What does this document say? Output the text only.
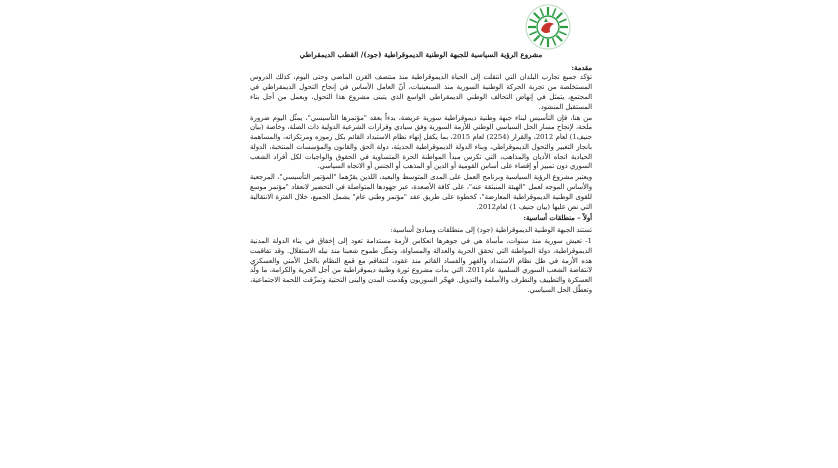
مشروع الرؤية السياسية للجبهة الوطنية الديموقراطية (جود)/ القطب الديمقراطي

مقدمة:

تؤكد جميع تجارب البلدان التي انتقلت إلى الحياة الديموقراطية منذ منتصف القرن الماضي وحتى اليوم، كذلك الدروس المستخلصة من تجربة الحركة الوطنية السورية منذ السبعينيات، أنّ العامل الأساس في إنجاح التحول الديمقراطي في المجتمع، يتمثل في إنهاض التحالف الوطني الديمقراطي الواسع الذي يتبنى مشروع هذا التحول، ويعمل من أجل بناء المستقبل المنشود.

من هنا، فإن التأسيس لبناء جبهة وطنية ديموقراطية سورية عريضة، بدءاً بعقد "مؤتمرها التأسيسي"، يمثّل اليوم ضرورة ملحة، لإنجاح مسار الحل السياسي الوطني للأزمة السورية وفق سيادي وقرارات الشرعية الدولية ذات الصلة، وخاصة (بيان جنيف1) لعام 2012، والقرار (2254) لعام 2015، بما يكفل إنهاء نظام الاستبداد القائم بكل رموزه ومرتكزاته، والمساهمة بانجاز التغيير والتحول الديموقراطي، وبناء الدولة الديموقراطية الحديثة، دولة الحق والقانون والمؤسسات المنتخبة، الدولة الحيادية اتجاه الأديان والمذاهب، التي تكرس مبدأ المواطنة الحرة المتساوية في الحقوق والواجبات لكل أفراد الشعب السوري دون تمييز أو إقصاء على أساس القومية أو الدين أو المذهب أو الجنس أو الاتجاه السياسي.

ويعتبر مشروع الرؤية السياسية وبرنامج العمل على المدى المتوسط والبعيد، اللذين يقرّهما "المؤتمر التأسيسي"، المرجعية والأساس الموجه لعمل "الهيئة المنبثقة عنه"، على كافة الأصعدة، عبر جهودها المتواصلة في التحضير لانعقاد "مؤتمر موسع للقوى الوطنية الديموقراطية المعارضة"، كخطوة على طريق عقد "مؤتمر وطني عام" يشمل الجميع، خلال الفترة الانتقالية التي نص عليها (بيان جنيف 1) لعام2012.

أولاً – منطلقات أساسية:

تستند الجبهة الوطنية الديموقراطية (جود) إلى منطلقات ومبادئ أساسية:

1- تعيش سورية منذ سنوات، مأساة هي في جوهرها انعكاس لأزمة مستدامة تعود إلى إخفاق في بناء الدولة المدنية الديموقراطية، دولة المواطنة التي تحقق الحرية والعدالة والمساواة، وتمثّل طموح شعبنا منذ نيله الاستقلال. وقد تفاقمت هذه الأزمة في ظل نظام الاستبداد والقهر والفساد القائم منذ عقود، لتتفاقم مع قمع النظام بالحل الأمني والعسكري لانتفاضة الشعب السوري السلمية عام2011، التي بدأت مشروع ثورة وطنية ديموقراطية من أجل الحرية والكرامة، ما ولّد العسكرة والتطييف والتطرف والأسلمة والتدويل. فهجّر السوريون وهُدمت المدن والبنى التحتية وتمزّقت اللحمة الاجتماعية، وتعطّل الحل السياسي.
